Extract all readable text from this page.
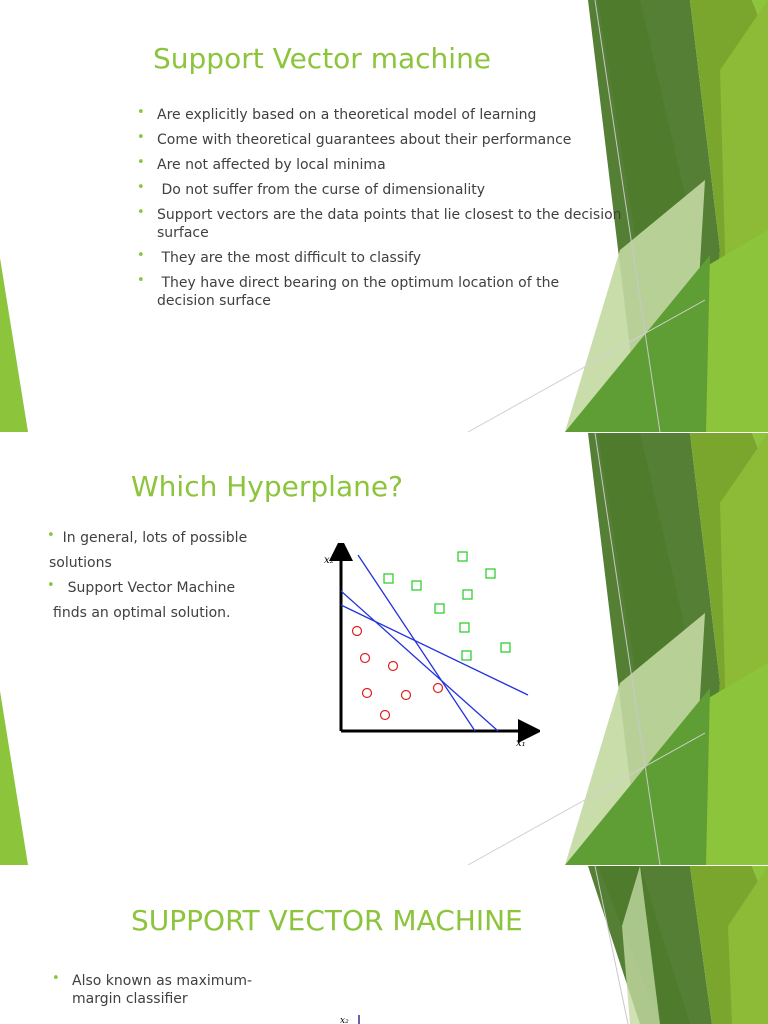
Support Vector machine
• Are explicitly based on a theoretical model of learning
• Come with theoretical guarantees about their performance
• Are not affected by local minima
• Do not suffer from the curse of dimensionality
• Support vectors are the data points that lie closest to the decision surface
• They are the most difficult to classify
• They have direct bearing on the optimum location of the decision surface
Which Hyperplane?
• In general, lots of possible
solutions
• Support Vector Machine
finds an optimal solution.
x₂
x₁
SUPPORT VECTOR MACHINE
• Also known as maximum-margin classifier
x₂
